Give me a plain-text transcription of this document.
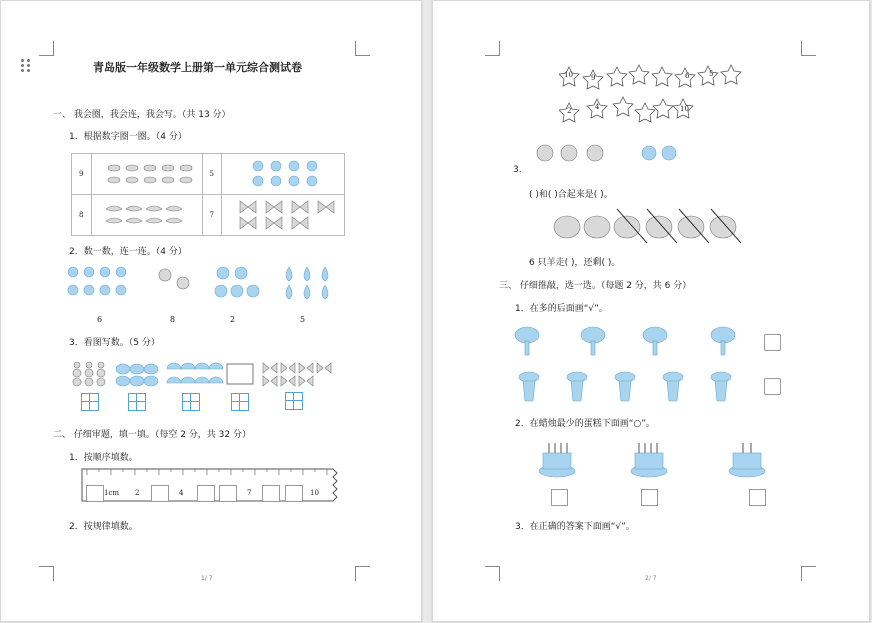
青岛版一年级数学上册第一单元综合测试卷
一、 我会圈，我会连，我会写。（共 13 分）
1．根据数字圈一圈。（4 分）
9		5	
8		7	
2．数一数，连一连。（4 分）
6	8	2	5
3．看图写数。（5 分）
二、 仔细审题，填一填。（每空 2 分，共 32 分）
1．按顺序填数。
1cm 2	4	7	10
2．按规律填数。
1/ 7
10	9	6	5
2	4	10
3.
( )和( )合起来是( )。
6 只羊走( )，还剩( )。
三、 仔细推敲，选一选。（每题 2 分，共 6 分）
1．在多的后面画“√”。
2．在蜡烛最少的蛋糕下面画“○”。
3．在正确的答案下面画“√”。
2/ 7
